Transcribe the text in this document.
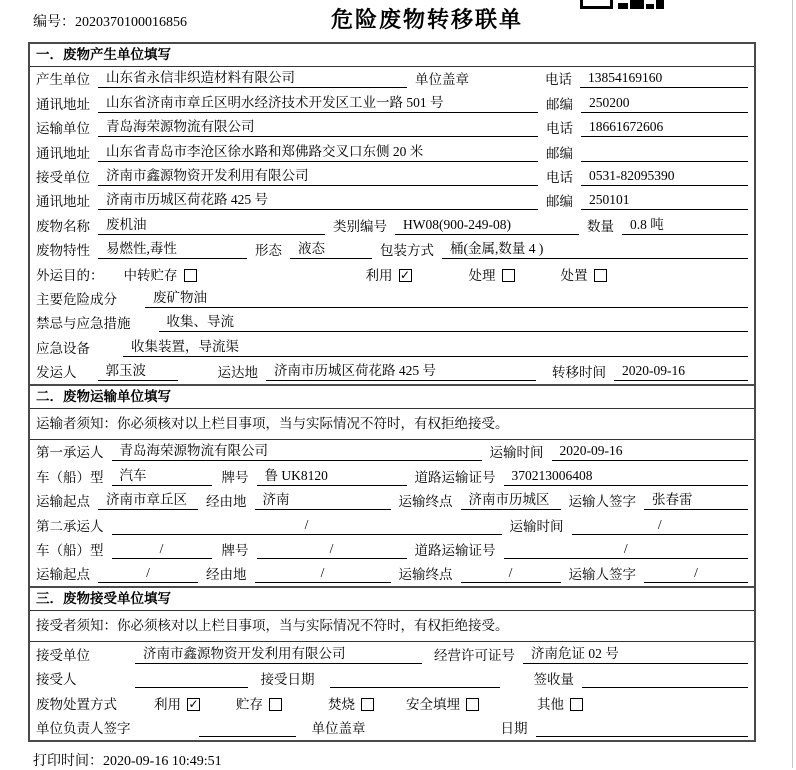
编号：2020370100016856	危险废物转移联单
一．废物产生单位填写
产生单位	山东省永信非织造材料有限公司	单位盖章	电话	13854169160
通讯地址	山东省济南市章丘区明水经济技术开发区工业一路 501 号	邮编	250200
运输单位	青岛海荣源物流有限公司	电话	18661672606
通讯地址	山东省青岛市李沧区徐水路和郑佛路交叉口东侧 20 米	邮编
接受单位	济南市鑫源物资开发利用有限公司	电话	0531-82095390
通讯地址	济南市历城区荷花路 425 号	邮编	250101
废物名称	废机油	类别编号	HW08(900-249-08)	数量	0.8 吨
废物特性	易燃性,毒性	形态	液态	包装方式	桶(金属,数量 4 )
外运目的： 中转贮存	利用 ✓	处理	处置
主要危险成分	废矿物油
禁忌与应急措施	收集、导流
应急设备	收集装置，导流渠
发运人	郭玉波	运达地	济南市历城区荷花路 425 号	转移时间	2020-09-16
二．废物运输单位填写
运输者须知：你必须核对以上栏目事项，当与实际情况不符时，有权拒绝接受。
第一承运人	青岛海荣源物流有限公司	运输时间	2020-09-16
车（船）型	汽车	牌号	鲁 UK8120	道路运输证号	370213006408
运输起点	济南市章丘区	经由地	济南	运输终点	济南市历城区	运输人签字	张春雷
第二承运人	/	运输时间	/
车（船）型	/	牌号	/	道路运输证号	/
运输起点	/	经由地	/	运输终点	/	运输人签字	/
三．废物接受单位填写
接受者须知：你必须核对以上栏目事项，当与实际情况不符时，有权拒绝接受。
接受单位	济南市鑫源物资开发利用有限公司	经营许可证号	济南危证 02 号
接受人	接受日期	签收量
废物处置方式	利用 ✓	贮存	焚烧	安全填埋	其他
单位负责人签字	单位盖章	日期
打印时间：2020-09-16 10:49:51
